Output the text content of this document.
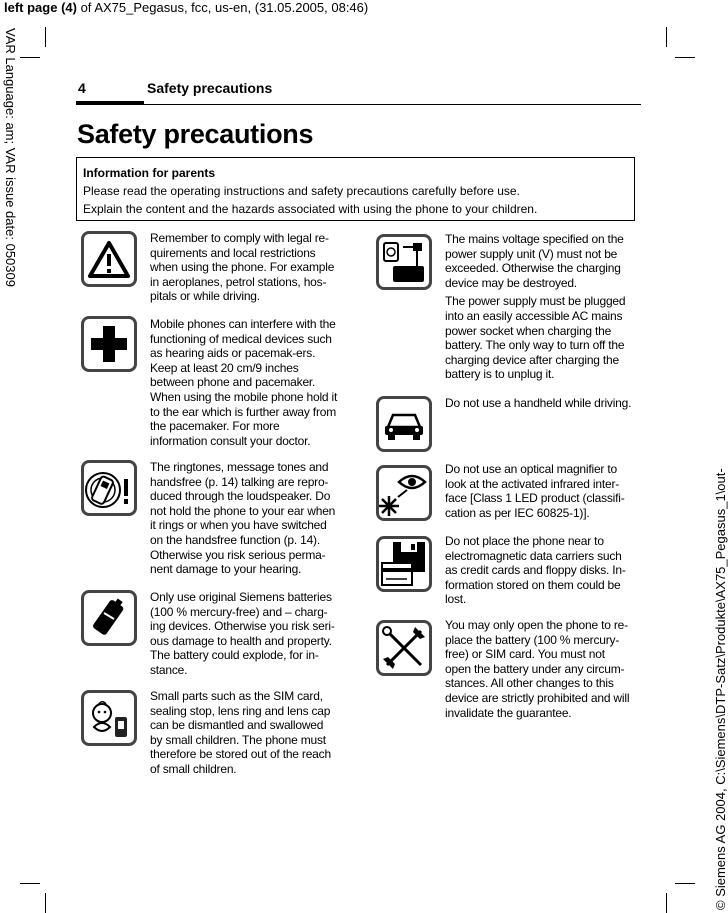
left page (4) of AX75_Pegasus, fcc, us-en, (31.05.2005, 08:46)
VAR Language: am; VAR issue date: 050309
© Siemens AG 2004, C:\Siemens\DTP-Satz\Produkte\AX75_Pegasus_1\out-
4	Safety precautions
Safety precautions
Information for parents
Please read the operating instructions and safety precautions carefully before use.
Explain the content and the hazards associated with using the phone to your children.

Remember to comply with legal re-quirements and local restrictions when using the phone. For example in aeroplanes, petrol stations, hos-pitals or while driving.

Mobile phones can interfere with the functioning of medical devices such as hearing aids or pacemak-ers. Keep at least 20 cm/9 inches between phone and pacemaker. When using the mobile phone hold it to the ear which is further away from the pacemaker. For more information consult your doctor.

The ringtones, message tones and handsfree (p. 14) talking are repro-duced through the loudspeaker. Do not hold the phone to your ear when it rings or when you have switched on the handsfree function (p. 14). Otherwise you risk serious perma-nent damage to your hearing.

Only use original Siemens batteries (100 % mercury-free) and – charg-ing devices. Otherwise you risk seri-ous damage to health and property. The battery could explode, for in-stance.

Small parts such as the SIM card, sealing stop, lens ring and lens cap can be dismantled and swallowed by small children. The phone must therefore be stored out of the reach of small children.

The mains voltage specified on the power supply unit (V) must not be exceeded. Otherwise the charging device may be destroyed.

The power supply must be plugged into an easily accessible AC mains power socket when charging the battery. The only way to turn off the charging device after charging the battery is to unplug it.

Do not use a handheld while driving.

Do not use an optical magnifier to look at the activated infrared inter-face [Class 1 LED product (classifi-cation as per IEC 60825-1)].

Do not place the phone near to electromagnetic data carriers such as credit cards and floppy disks. In-formation stored on them could be lost.

You may only open the phone to re-place the battery (100 % mercury-free) or SIM card. You must not open the battery under any circum-stances. All other changes to this device are strictly prohibited and will invalidate the guarantee.
